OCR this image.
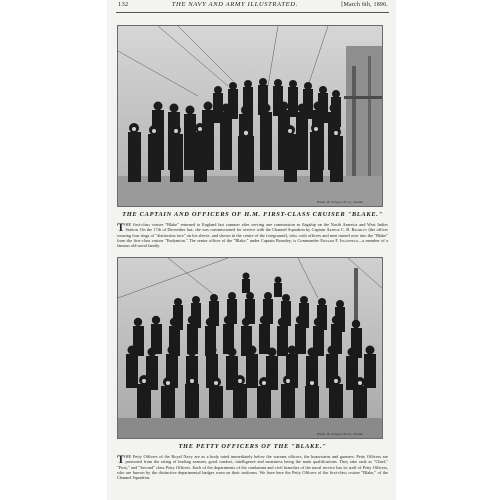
132	THE NAVY AND ARMY ILLUSTRATED.	[March 6th, 1896.
Photo. W. Gregory & Co., Strand.
THE CAPTAIN AND OFFICERS OF H.M. FIRST-CLASS CRUISER "BLAKE."
THE first-class cruiser "Blake" returned to England last summer after serving one commission as flagship on the North America and West Indies Station. On the 17th of December last, she was commissioned for service with the Channel Squadron by Captain Arthur C. B. Bromley (the officer wearing four rings of "distinction lace" on his sleeve, and shown in the centre of the foreground), who, with officers and men turned over into the "Blake" from the first-class cruiser "Endymion." The senior officer of the "Blake," under Captain Bromley, is Commander Edward F. Inglefield—a member of a famous old naval family.
Photo. W. Gregory & Co., Strand.
THE PETTY OFFICERS OF THE "BLAKE."
THE Petty Officers of the Royal Navy are as a body rated immediately below the warrant officers, the boatswains and gunners. Petty Officers are promoted from the rating of leading seamen, good conduct, intelligence and smartness being the main qualifications. They take rank as "Chief," "First," and "Second" class Petty Officers. Each of the departments of the combatant and civil branches of the naval service has its staff of Petty Officers, who are known by the distinctive departmental badges worn on their uniforms. We have here the Petty Officers of the first-class cruiser "Blake," of the Channel Squadron.
